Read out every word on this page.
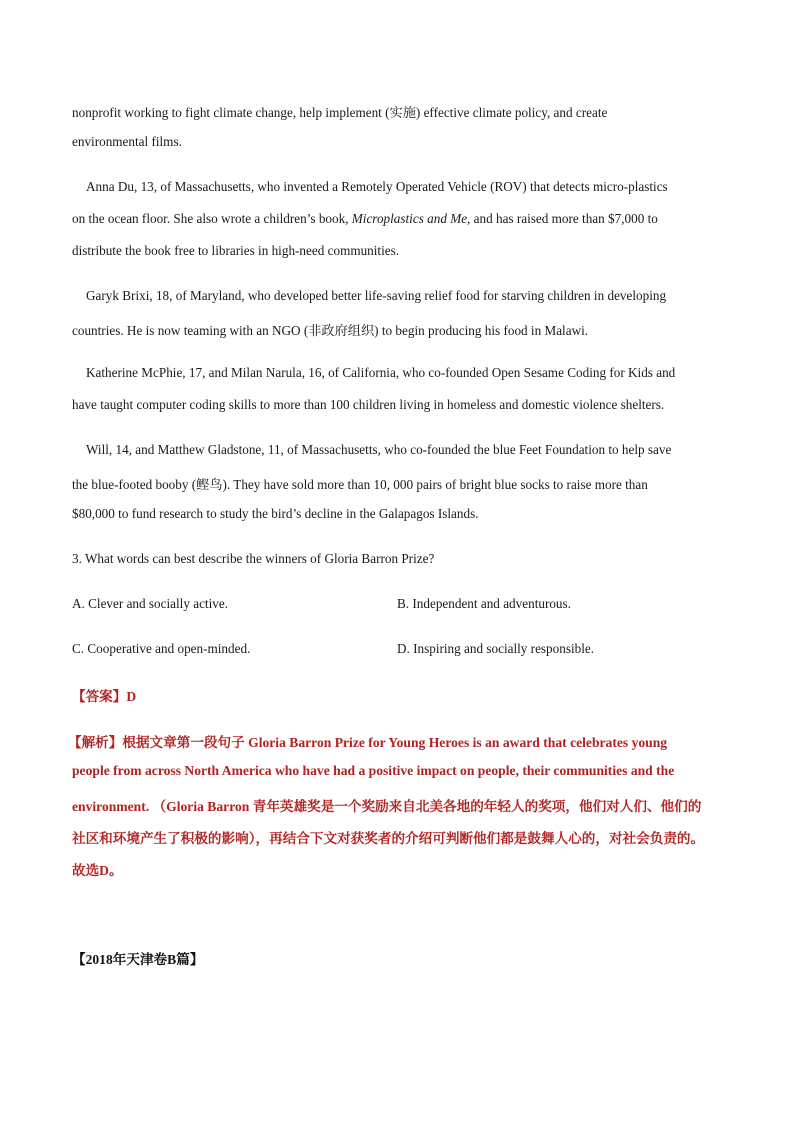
nonprofit working to fight climate change, help implement (实施) effective climate policy, and create
environmental films.
Anna Du, 13, of Massachusetts, who invented a Remotely Operated Vehicle (ROV) that detects micro-plastics
on the ocean floor. She also wrote a children’s book, Microplastics and Me, and has raised more than $7,000 to
distribute the book free to libraries in high-need communities.
Garyk Brixi, 18, of Maryland, who developed better life-saving relief food for starving children in developing
countries. He is now teaming with an NGO (非政府组织) to begin producing his food in Malawi.
Katherine McPhie, 17, and Milan Narula, 16, of California, who co-founded Open Sesame Coding for Kids and
have taught computer coding skills to more than 100 children living in homeless and domestic violence shelters.
Will, 14, and Matthew Gladstone, 11, of Massachusetts, who co-founded the blue Feet Foundation to help save
the blue-footed booby (鲣鸟). They have sold more than 10, 000 pairs of bright blue socks to raise more than
$80,000 to fund research to study the bird’s decline in the Galapagos Islands.
3. What words can best describe the winners of Gloria Barron Prize?
A. Clever and socially active.	B. Independent and adventurous.
C. Cooperative and open-minded.	D. Inspiring and socially responsible.
【答案】D
【解析】根据文章第一段句子 Gloria Barron Prize for Young Heroes is an award that celebrates young
people from across North America who have had a positive impact on people, their communities and the
environment. （Gloria Barron 青年英雄奖是一个奖励来自北美各地的年轻人的奖项，他们对人们、他们的
社区和环境产生了积极的影响），再结合下文对获奖者的介绍可判断他们都是鼓舞人心的，对社会负责的。
故选D。
【2018年天津卷B篇】
